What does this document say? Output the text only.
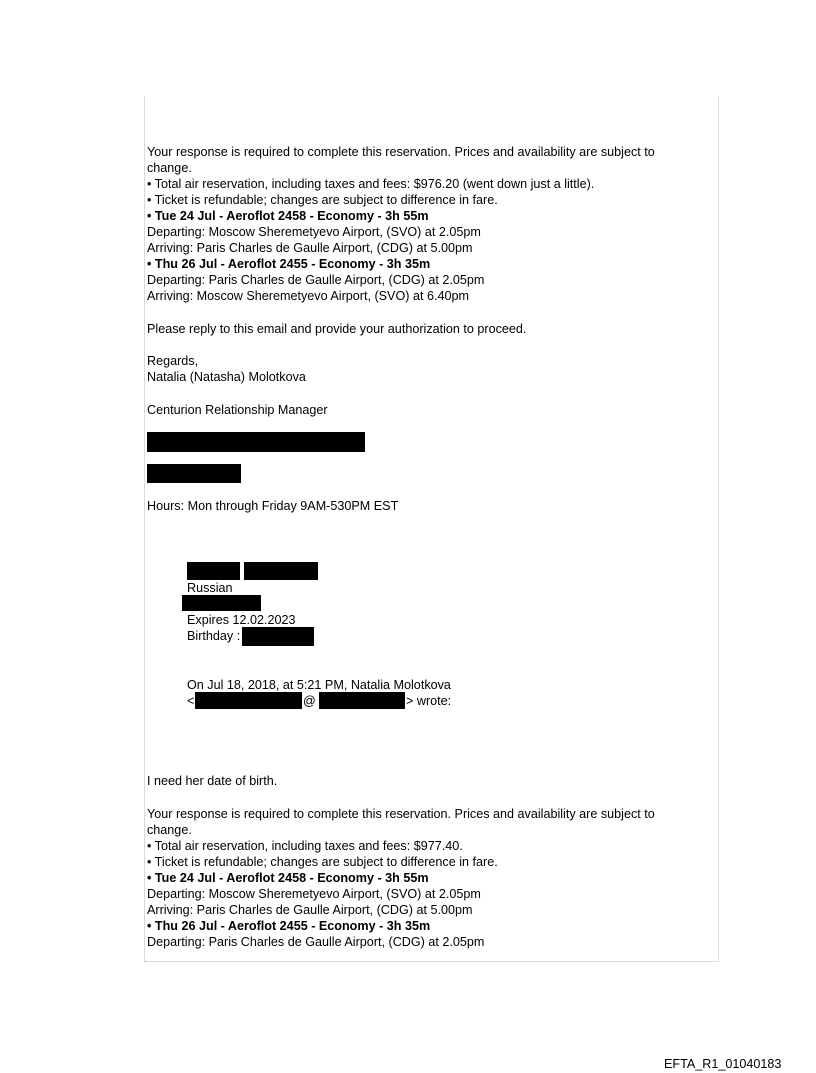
Your response is required to complete this reservation. Prices and availability are subject to
change.
• Total air reservation, including taxes and fees: $976.20 (went down just a little).
• Ticket is refundable; changes are subject to difference in fare.
• Tue 24 Jul - Aeroflot 2458 - Economy - 3h 55m
Departing: Moscow Sheremetyevo Airport, (SVO) at 2.05pm
Arriving: Paris Charles de Gaulle Airport, (CDG) at 5.00pm
• Thu 26 Jul - Aeroflot 2455 - Economy - 3h 35m
Departing: Paris Charles de Gaulle Airport, (CDG) at 2.05pm
Arriving: Moscow Sheremetyevo Airport, (SVO) at 6.40pm
Please reply to this email and provide your authorization to proceed.
Regards,
Natalia (Natasha) Molotkova
Centurion Relationship Manager
Hours: Mon through Friday 9AM-530PM EST
Russian
Expires 12.02.2023
Birthday :
On Jul 18, 2018, at 5:21 PM, Natalia Molotkova
<	@	> wrote:
I need her date of birth.
Your response is required to complete this reservation. Prices and availability are subject to
change.
• Total air reservation, including taxes and fees: $977.40.
• Ticket is refundable; changes are subject to difference in fare.
• Tue 24 Jul - Aeroflot 2458 - Economy - 3h 55m
Departing: Moscow Sheremetyevo Airport, (SVO) at 2.05pm
Arriving: Paris Charles de Gaulle Airport, (CDG) at 5.00pm
• Thu 26 Jul - Aeroflot 2455 - Economy - 3h 35m
Departing: Paris Charles de Gaulle Airport, (CDG) at 2.05pm
EFTA_R1_01040183
